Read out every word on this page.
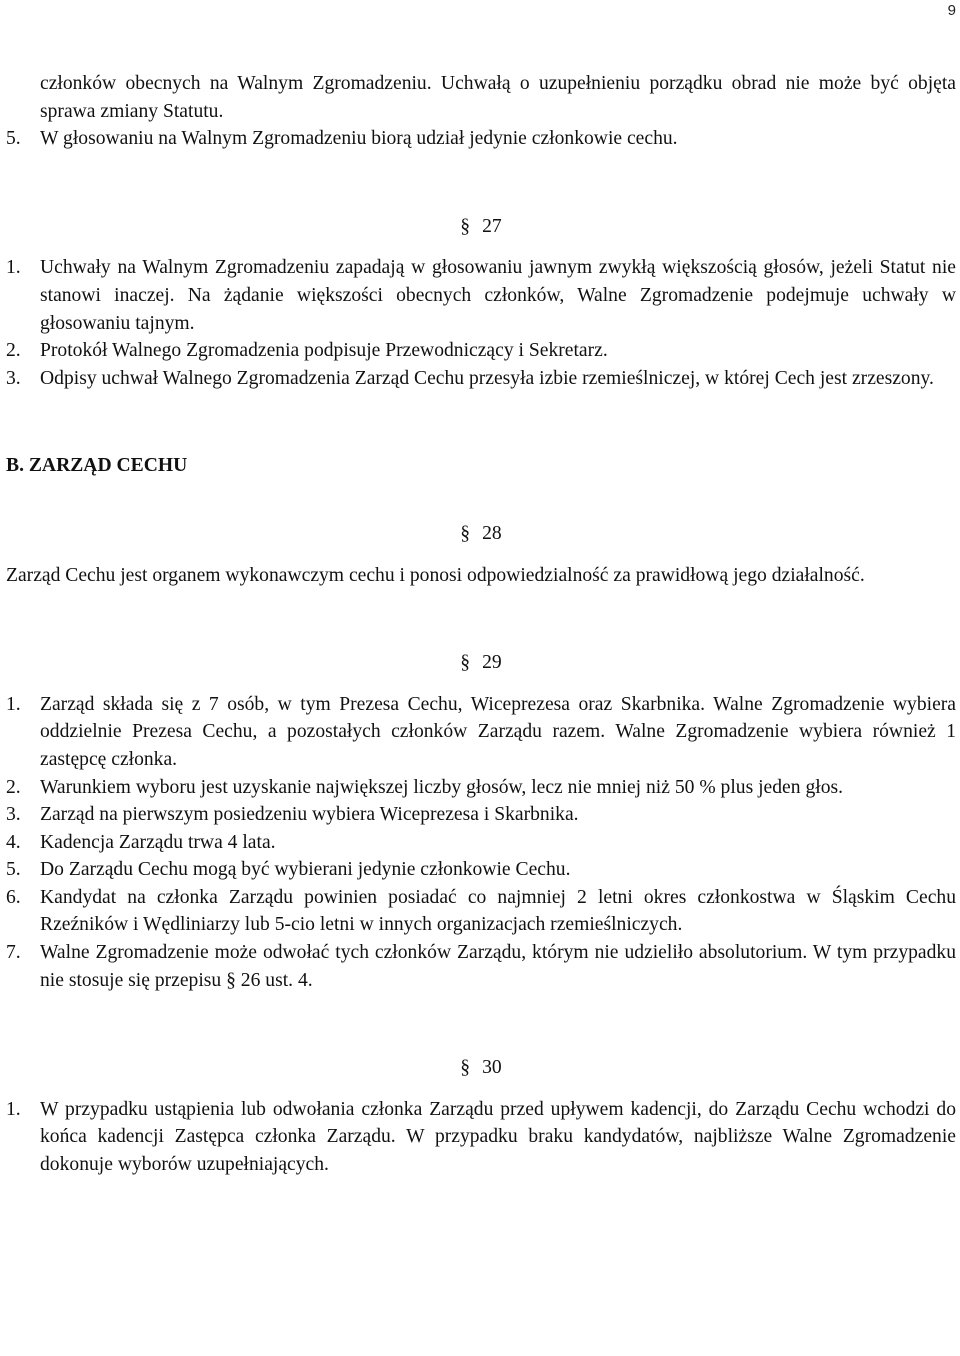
9
członków obecnych na Walnym Zgromadzeniu. Uchwałą o uzupełnieniu porządku obrad nie może być objęta sprawa zmiany Statutu.
5. W głosowaniu na Walnym Zgromadzeniu biorą udział jedynie członkowie cechu.

§ 27

1. Uchwały na Walnym Zgromadzeniu zapadają w głosowaniu jawnym zwykłą większością głosów, jeżeli Statut nie stanowi inaczej. Na żądanie większości obecnych członków, Walne Zgromadzenie podejmuje uchwały w głosowaniu tajnym.
2. Protokół Walnego Zgromadzenia podpisuje Przewodniczący i Sekretarz.
3. Odpisy uchwał Walnego Zgromadzenia Zarząd Cechu przesyła izbie rzemieślniczej, w której Cech jest zrzeszony.

B. ZARZĄD CECHU

§ 28

Zarząd Cechu jest organem wykonawczym cechu i ponosi odpowiedzialność za prawidłową jego działalność.

§ 29

1. Zarząd składa się z 7 osób, w tym Prezesa Cechu, Wiceprezesa oraz Skarbnika. Walne Zgromadzenie wybiera oddzielnie Prezesa Cechu, a pozostałych członków Zarządu razem. Walne Zgromadzenie wybiera również 1 zastępcę członka.
2. Warunkiem wyboru jest uzyskanie największej liczby głosów, lecz nie mniej niż 50 % plus jeden głos.
3. Zarząd na pierwszym posiedzeniu wybiera Wiceprezesa i Skarbnika.
4. Kadencja Zarządu trwa 4 lata.
5. Do Zarządu Cechu mogą być wybierani jedynie członkowie Cechu.
6. Kandydat na członka Zarządu powinien posiadać co najmniej 2 letni okres członkostwa w Śląskim Cechu Rzeźników i Wędliniarzy lub 5-cio letni w innych organizacjach rzemieślniczych.
7. Walne Zgromadzenie może odwołać tych członków Zarządu, którym nie udzieliło absolutorium. W tym przypadku nie stosuje się przepisu § 26 ust. 4.

§ 30

1. W przypadku ustąpienia lub odwołania członka Zarządu przed upływem kadencji, do Zarządu Cechu wchodzi do końca kadencji Zastępca członka Zarządu. W przypadku braku kandydatów, najbliższe Walne Zgromadzenie dokonuje wyborów uzupełniających.
